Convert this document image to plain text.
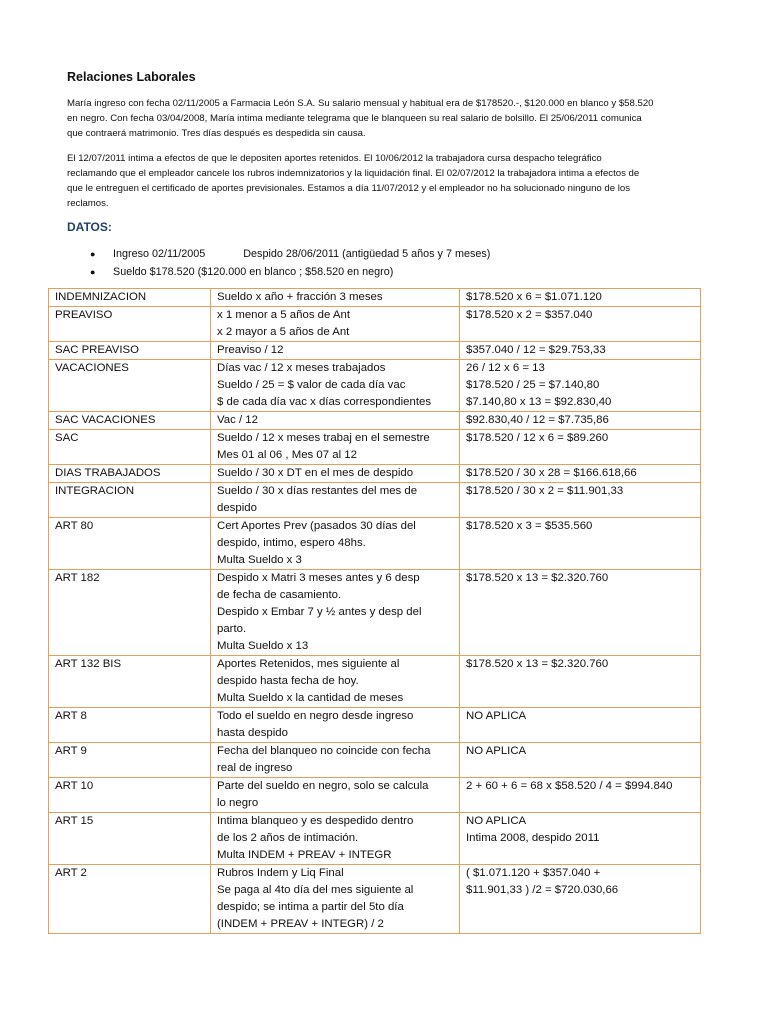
Relaciones Laborales

María ingreso con fecha 02/11/2005 a Farmacia León S.A. Su salario mensual y habitual era de $178520.-, $120.000 en blanco y $58.520
en negro. Con fecha 03/04/2008, María intima mediante telegrama que le blanqueen su real salario de bolsillo. El 25/06/2011 comunica
que contraerá matrimonio. Tres días después es despedida sin causa.

El 12/07/2011 intima a efectos de que le depositen aportes retenidos. El 10/06/2012 la trabajadora cursa despacho telegráfico
reclamando que el empleador cancele los rubros indemnizatorios y la liquidación final. El 02/07/2012 la trabajadora intima a efectos de
que le entreguen el certificado de aportes previsionales. Estamos a día 11/07/2012 y el empleador no ha solucionado ninguno de los
reclamos.

DATOS:
● Ingreso 02/11/2005	Despido 28/06/2011 (antigüedad 5 años y 7 meses)
● Sueldo $178.520 ($120.000 en blanco ; $58.520 en negro)
INDEMNIZACION	Sueldo x año + fracción 3 meses	$178.520 x 6 = $1.071.120

PREAVISO	x 1 menor a 5 años de Ant
x 2 mayor a 5 años de Ant	$178.520 x 2 = $357.040

SAC PREAVISO	Preaviso / 12	$357.040 / 12 = $29.753,33

VACACIONES	Días vac / 12 x meses trabajados
Sueldo / 25 = $ valor de cada día vac
$ de cada día vac x días correspondientes	26 / 12 x 6 = 13
$178.520 / 25 = $7.140,80
$7.140,80 x 13 = $92.830,40

SAC VACACIONES	Vac / 12	$92.830,40 / 12 = $7.735,86

SAC	Sueldo / 12 x meses trabaj en el semestre
Mes 01 al 06 , Mes 07 al 12	$178.520 / 12 x 6 = $89.260

DIAS TRABAJADOS	Sueldo / 30 x DT en el mes de despido	$178.520 / 30 x 28 = $166.618,66

INTEGRACION	Sueldo / 30 x días restantes del mes de
despido	$178.520 / 30 x 2 = $11.901,33

ART 80	Cert Aportes Prev (pasados 30 días del
despido, intimo, espero 48hs.
Multa Sueldo x 3	$178.520 x 3 = $535.560

ART 182	Despido x Matri 3 meses antes y 6 desp
de fecha de casamiento.
Despido x Embar 7 y ½ antes y desp del
parto.
Multa Sueldo x 13	$178.520 x 13 = $2.320.760

ART 132 BIS	Aportes Retenidos, mes siguiente al
despido hasta fecha de hoy.
Multa Sueldo x la cantidad de meses	$178.520 x 13 = $2.320.760

ART 8	Todo el sueldo en negro desde ingreso
hasta despido	NO APLICA

ART 9	Fecha del blanqueo no coincide con fecha
real de ingreso	NO APLICA

ART 10	Parte del sueldo en negro, solo se calcula
lo negro	2 + 60 + 6 = 68 x $58.520 / 4 = $994.840

ART 15	Intima blanqueo y es despedido dentro
de los 2 años de intimación.
Multa INDEM + PREAV + INTEGR	NO APLICA
Intima 2008, despido 2011

ART 2	Rubros Indem y Liq Final
Se paga al 4to día del mes siguiente al
despido; se intima a partir del 5to día
(INDEM + PREAV + INTEGR) / 2	( $1.071.120 + $357.040 +
$11.901,33 ) /2 = $720.030,66
